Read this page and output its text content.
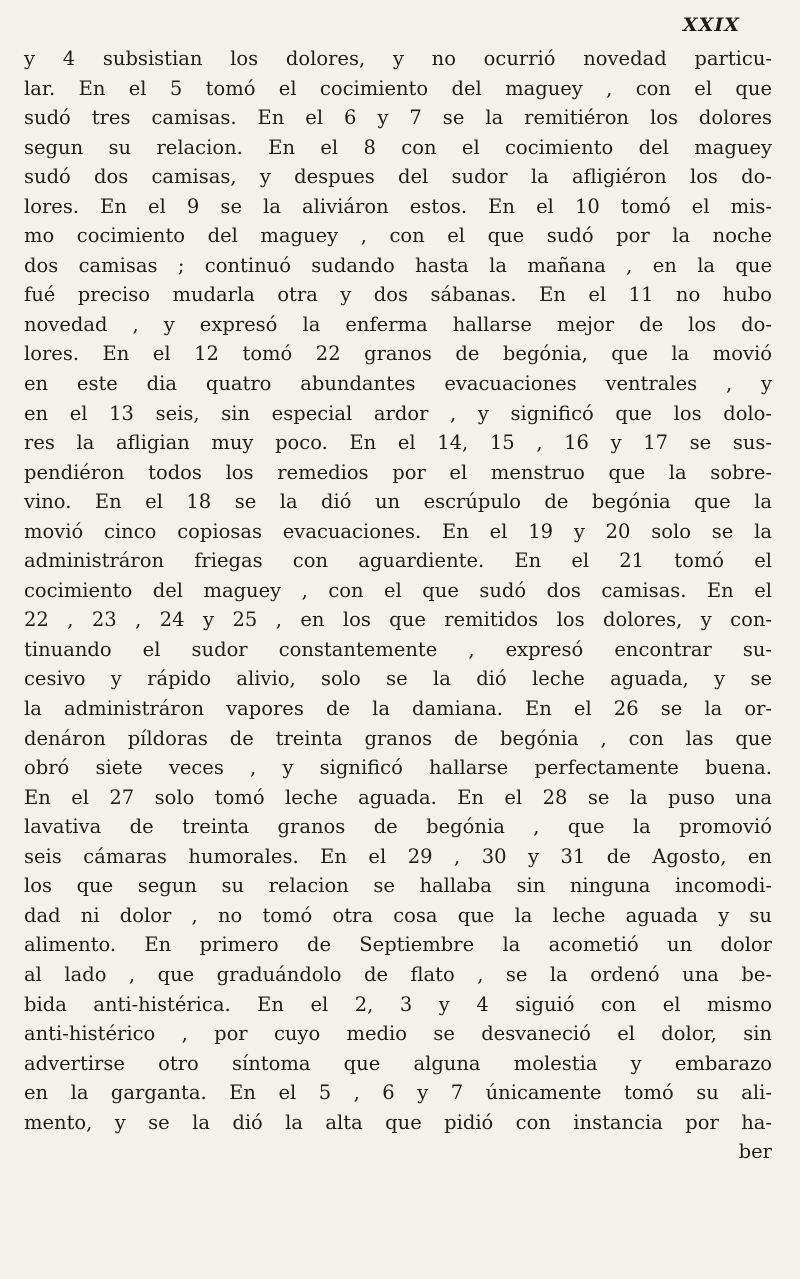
XXIX
y 4 subsistian los dolores, y no ocurrió novedad particu-
lar. En el 5 tomó el cocimiento del maguey , con el que
sudó tres camisas. En el 6 y 7 se la remitiéron los dolores
segun su relacion. En el 8 con el cocimiento del maguey
sudó dos camisas, y despues del sudor la afligiéron los do-
lores. En el 9 se la aliviáron estos. En el 10 tomó el mis-
mo cocimiento del maguey , con el que sudó por la noche
dos camisas ; continuó sudando hasta la mañana , en la que
fué preciso mudarla otra y dos sábanas. En el 11 no hubo
novedad , y expresó la enferma hallarse mejor de los do-
lores. En el 12 tomó 22 granos de begónia, que la movió
en este dia quatro abundantes evacuaciones ventrales , y
en el 13 seis, sin especial ardor , y significó que los dolo-
res la afligian muy poco. En el 14, 15 , 16 y 17 se sus-
pendiéron todos los remedios por el menstruo que la sobre-
vino. En el 18 se la dió un escrúpulo de begónia que la
movió cinco copiosas evacuaciones. En el 19 y 20 solo se la
administráron friegas con aguardiente. En el 21 tomó el
cocimiento del maguey , con el que sudó dos camisas. En el
22 , 23 , 24 y 25 , en los que remitidos los dolores, y con-
tinuando el sudor constantemente , expresó encontrar su-
cesivo y rápido alivio, solo se la dió leche aguada, y se
la administráron vapores de la damiana. En el 26 se la or-
denáron píldoras de treinta granos de begónia , con las que
obró siete veces , y significó hallarse perfectamente buena.
En el 27 solo tomó leche aguada. En el 28 se la puso una
lavativa de treinta granos de begónia , que la promovió
seis cámaras humorales. En el 29 , 30 y 31 de Agosto, en
los que segun su relacion se hallaba sin ninguna incomodi-
dad ni dolor , no tomó otra cosa que la leche aguada y su
alimento. En primero de Septiembre la acometió un dolor
al lado , que graduándolo de flato , se la ordenó una be-
bida anti-histérica. En el 2, 3 y 4 siguió con el mismo
anti-histérico , por cuyo medio se desvaneció el dolor, sin
advertirse otro síntoma que alguna molestia y embarazo
en la garganta. En el 5 , 6 y 7 únicamente tomó su ali-
mento, y se la dió la alta que pidió con instancia por ha-
ber
